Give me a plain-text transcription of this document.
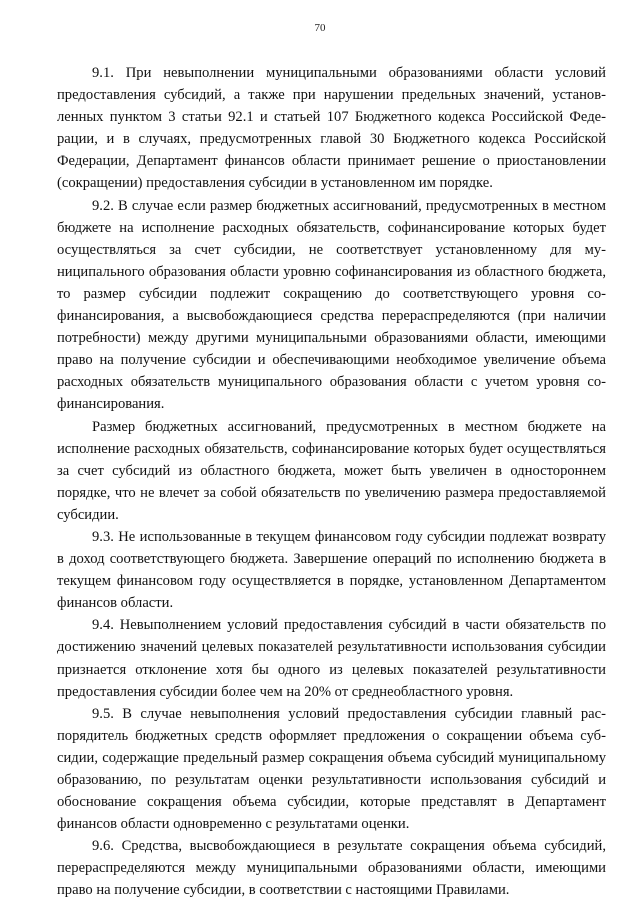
70

9.1. При невыполнении муниципальными образованиями области условий предоставления субсидий, а также при нарушении предельных значений, установленных пунктом 3 статьи 92.1 и статьей 107 Бюджетного кодекса Российской Федерации, и в случаях, предусмотренных главой 30 Бюджетного кодекса Российской Федерации, Департамент финансов области принимает решение о приостановлении (сокращении) предоставления субсидии в установленном им порядке.

9.2. В случае если размер бюджетных ассигнований, предусмотренных в местном бюджете на исполнение расходных обязательств, софинансирование которых будет осуществляться за счет субсидии, не соответствует установленному для муниципального образования области уровню софинансирования из областного бюджета, то размер субсидии подлежит сокращению до соответствующего уровня софинансирования, а высвобождающиеся средства перераспределяются (при наличии потребности) между другими муниципальными образованиями области, имеющими право на получение субсидии и обеспечивающими необходимое увеличение объема расходных обязательств муниципального образования области с учетом уровня софинансирования.

Размер бюджетных ассигнований, предусмотренных в местном бюджете на исполнение расходных обязательств, софинансирование которых будет осуществляться за счет субсидий из областного бюджета, может быть увеличен в одностороннем порядке, что не влечет за собой обязательств по увеличению размера предоставляемой субсидии.

9.3. Не использованные в текущем финансовом году субсидии подлежат возврату в доход соответствующего бюджета. Завершение операций по исполнению бюджета в текущем финансовом году осуществляется в порядке, установленном Департаментом финансов области.

9.4. Невыполнением условий предоставления субсидий в части обязательств по достижению значений целевых показателей результативности использования субсидии признается отклонение хотя бы одного из целевых показателей результативности предоставления субсидии более чем на 20% от среднеобластного уровня.

9.5. В случае невыполнения условий предоставления субсидии главный распорядитель бюджетных средств оформляет предложения о сокращении объема субсидии, содержащие предельный размер сокращения объема субсидий муниципальному образованию, по результатам оценки результативности использования субсидий и обоснование сокращения объема субсидии, которые представлят в Департамент финансов области одновременно с результатами оценки.

9.6. Средства, высвобождающиеся в результате сокращения объема субсидий, перераспределяются между муниципальными образованиями области, имеющими право на получение субсидии, в соответствии с настоящими Правилами.
